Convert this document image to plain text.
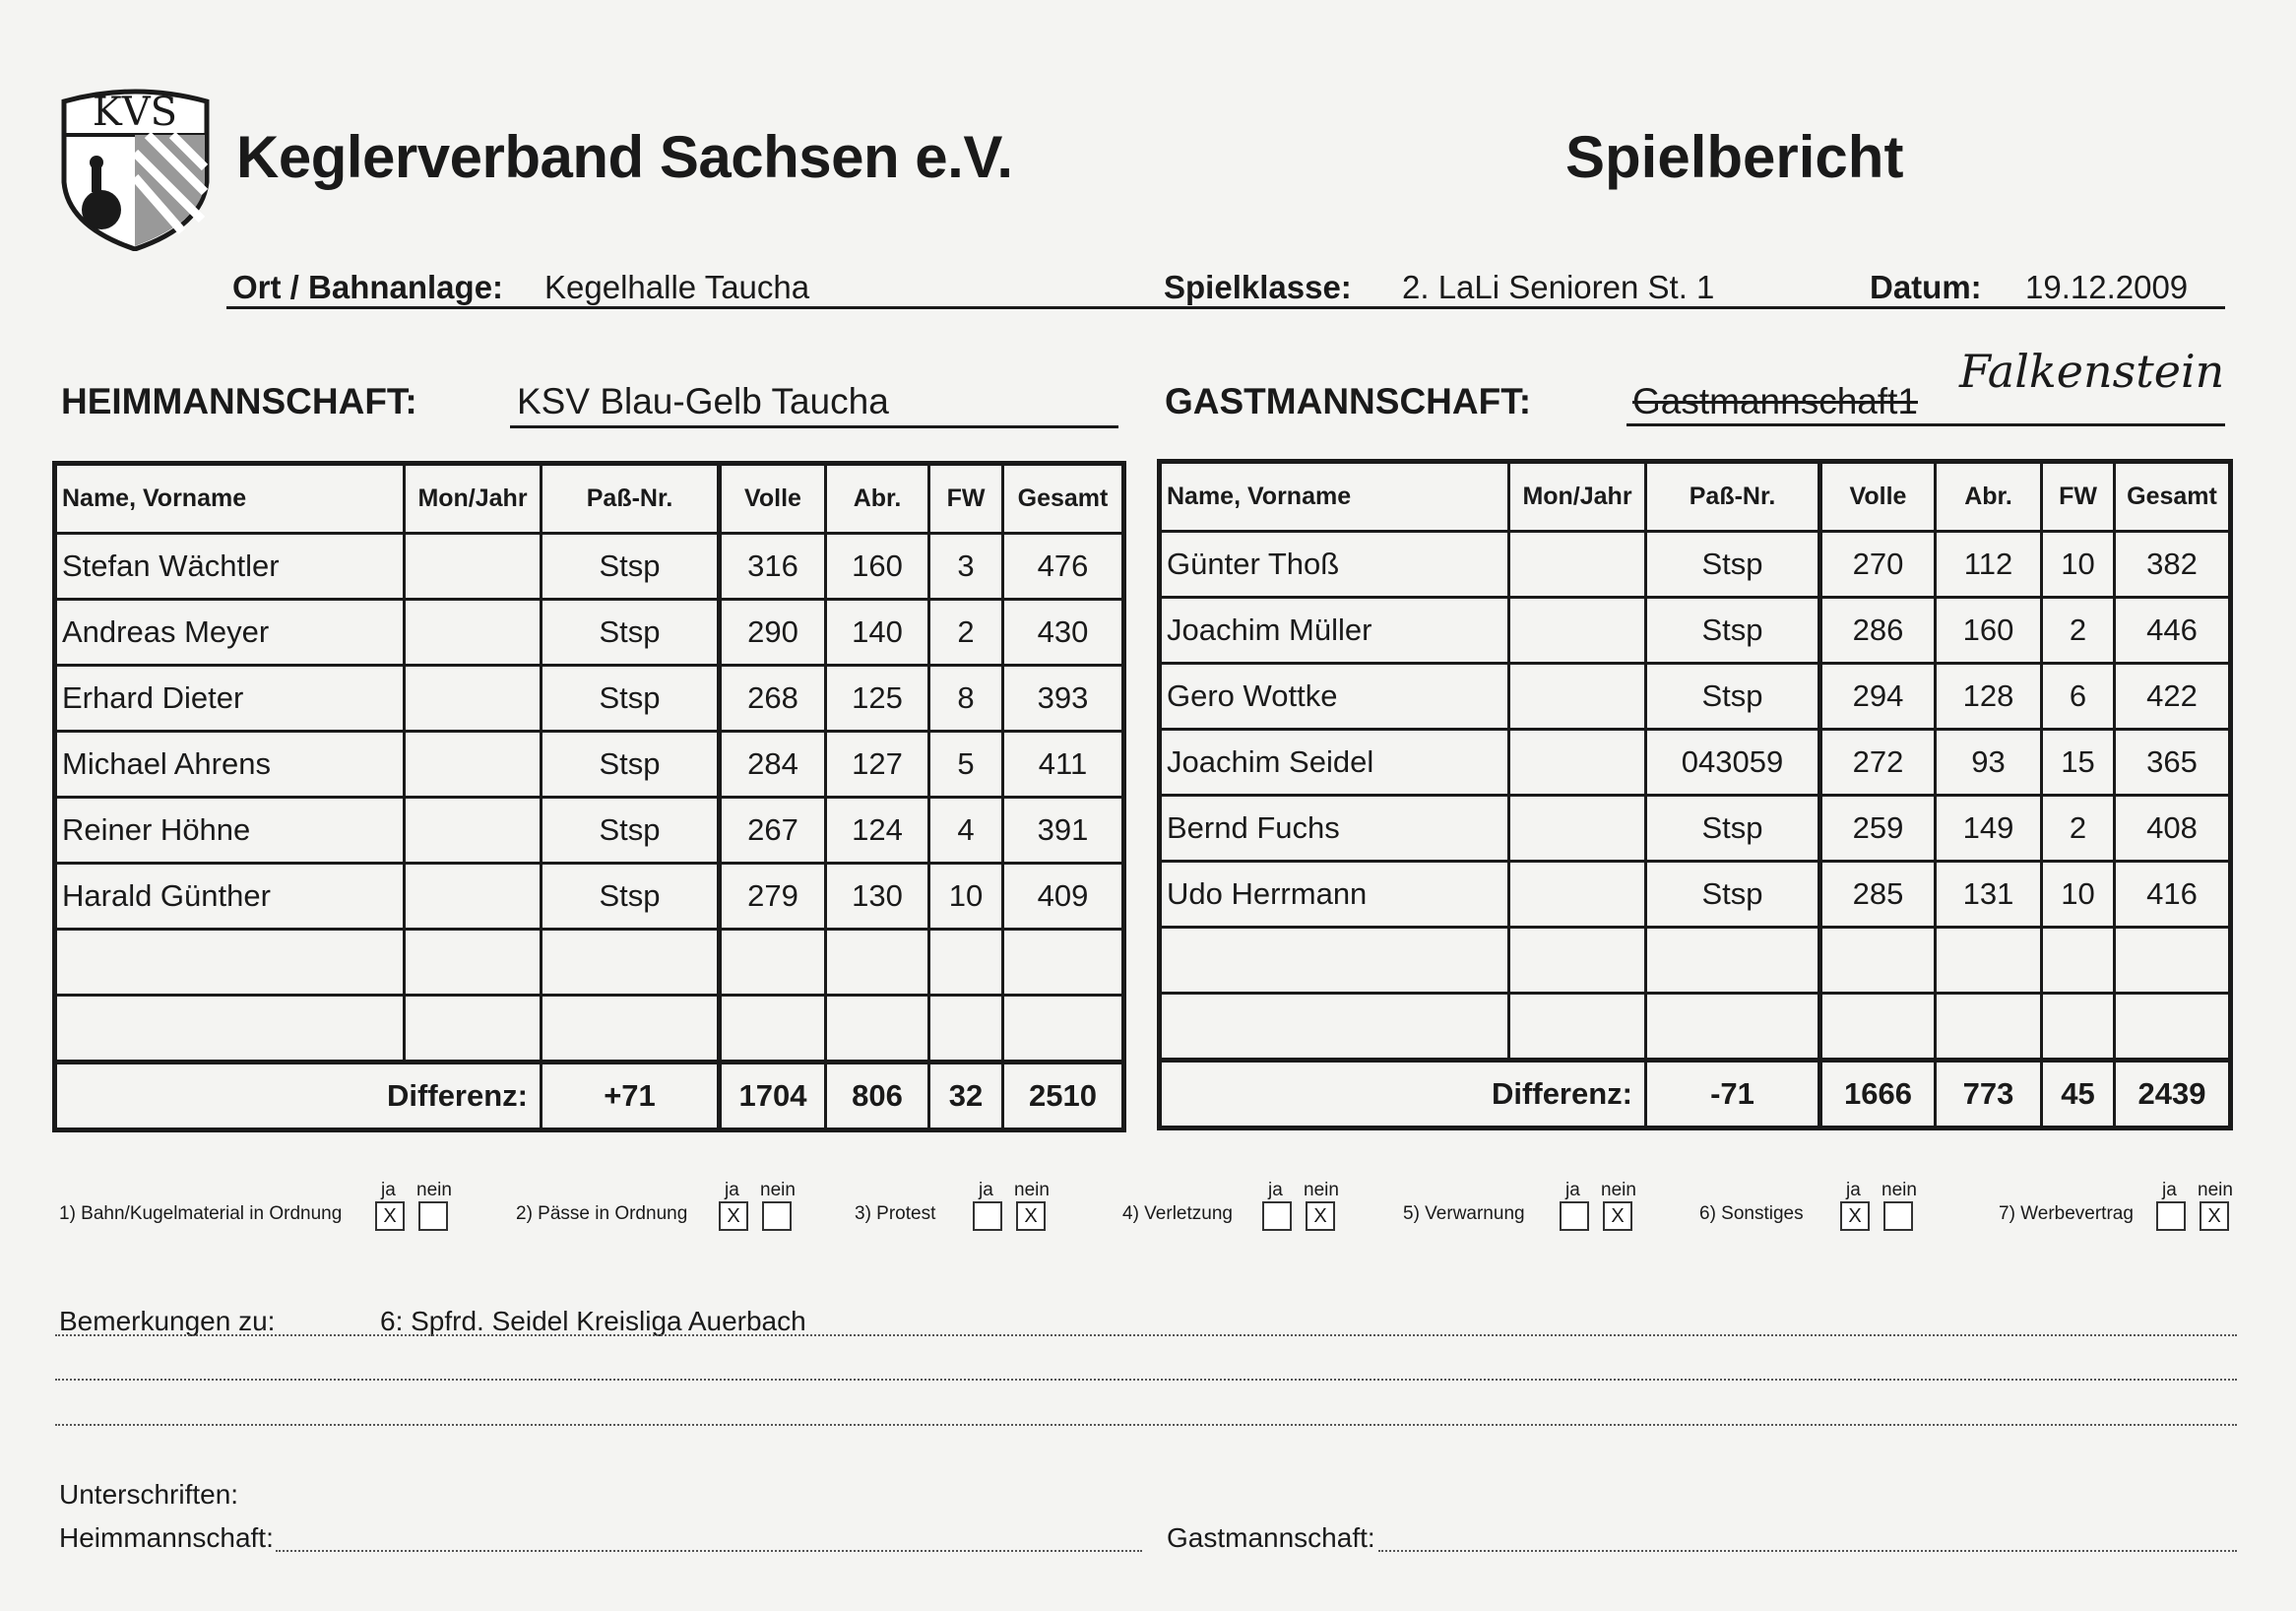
KVS
Keglerverband Sachsen e.V.	Spielbericht
Ort / Bahnanlage: Kegelhalle Taucha	Spielklasse: 2. LaLi Senioren St. 1	Datum: 19.12.2009
HEIMMANNSCHAFT:	KSV Blau-Gelb Taucha	GASTMANNSCHAFT:	Gastmannschaft1
Falkenstein
Name, Vorname	Mon/Jahr	Paß-Nr.	Volle	Abr.	FW	Gesamt
Stefan Wächtler		Stsp	316	160	3	476
Andreas Meyer		Stsp	290	140	2	430
Erhard Dieter		Stsp	268	125	8	393
Michael Ahrens		Stsp	284	127	5	411
Reiner Höhne		Stsp	267	124	4	391
Harald Günther		Stsp	279	130	10	409

Differenz:		+71	1704	806	32	2510
Name, Vorname	Mon/Jahr	Paß-Nr.	Volle	Abr.	FW	Gesamt
Günter Thoß		Stsp	270	112	10	382
Joachim Müller		Stsp	286	160	2	446
Gero Wottke		Stsp	294	128	6	422
Joachim Seidel		043059	272	93	15	365
Bernd Fuchs		Stsp	259	149	2	408
Udo Herrmann		Stsp	285	131	10	416

Differenz:		-71	1666	773	45	2439
1) Bahn/Kugelmaterial in Ordnung
ja
X
nein
2) Pässe in Ordnung
ja
X
nein
3) Protest
ja nein
X	4) Verletzung
ja nein
X	5) Verwarnung
ja nein
X	6) Sonstiges
ja
X
nein
7) Werbevertrag
ja nein
X
Bemerkungen zu:	6: Spfrd. Seidel Kreisliga Auerbach
Unterschriften:
Heimmannschaft:	Gastmannschaft:
